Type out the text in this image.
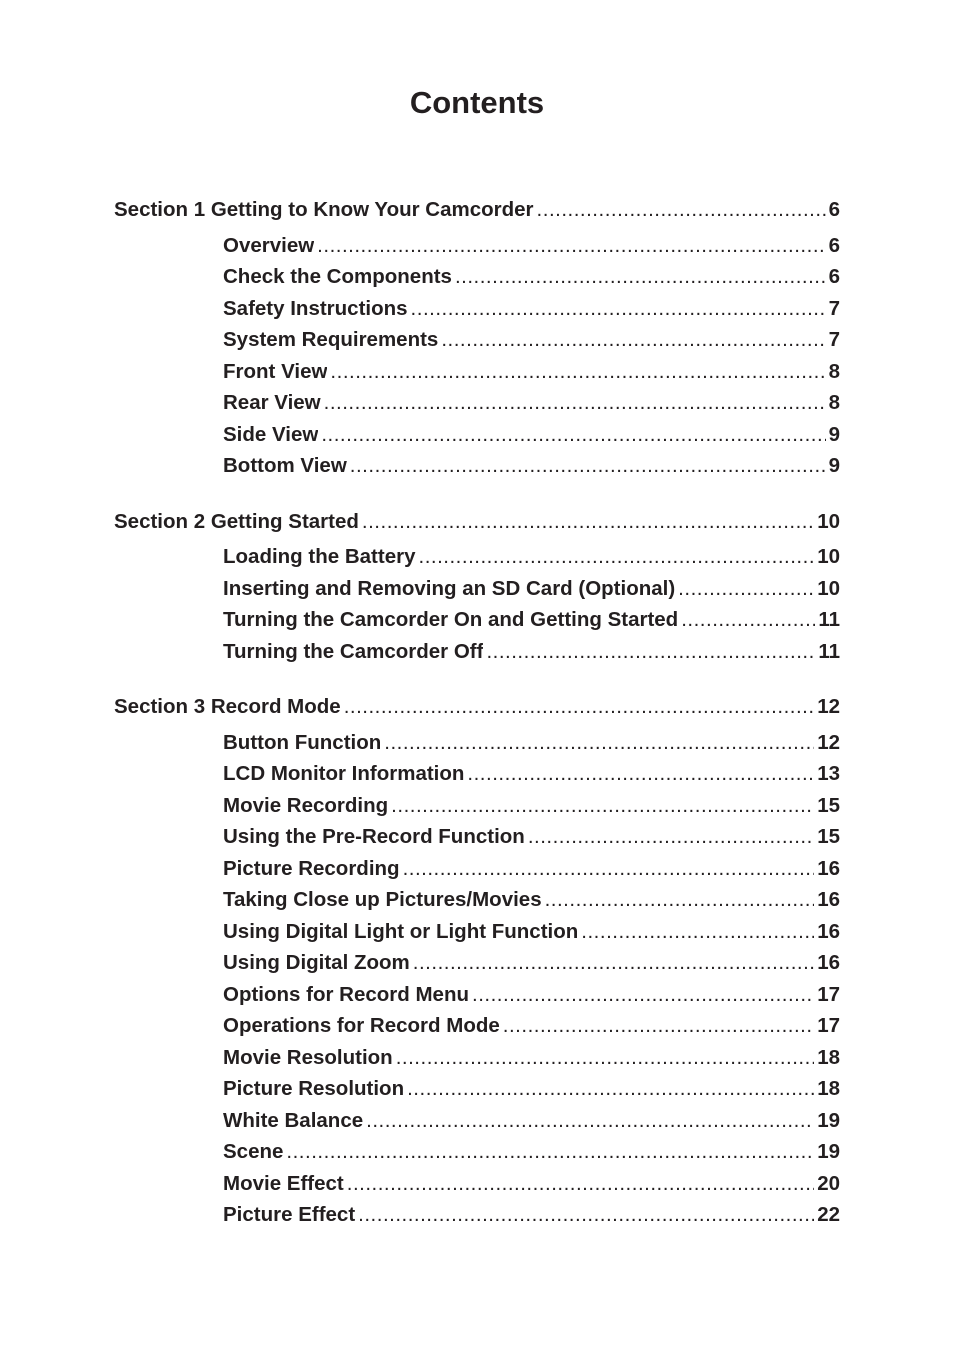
Contents
Section 1 Getting to Know Your Camcorder .....	6
Overview .....	6
Check the Components .....	6
Safety Instructions .....	7
System Requirements .....	7
Front View .....	8
Rear View .....	8
Side View .....	9
Bottom View .....	9
Section 2 Getting Started .....	10
Loading the Battery .....	10
Inserting and Removing an SD Card (Optional) .....	10
Turning the Camcorder On and Getting Started .....	11
Turning the Camcorder Off .....	11
Section 3 Record Mode .....	12
Button Function .....	12
LCD Monitor Information .....	13
Movie Recording .....	15
Using the Pre-Record Function .....	15
Picture Recording .....	16
Taking Close up Pictures/Movies .....	16
Using Digital Light or Light Function .....	16
Using Digital Zoom .....	16
Options for Record Menu .....	17
Operations for Record Mode .....	17
Movie Resolution .....	18
Picture Resolution .....	18
White Balance .....	19
Scene .....	19
Movie Effect .....	20
Picture Effect .....	22
